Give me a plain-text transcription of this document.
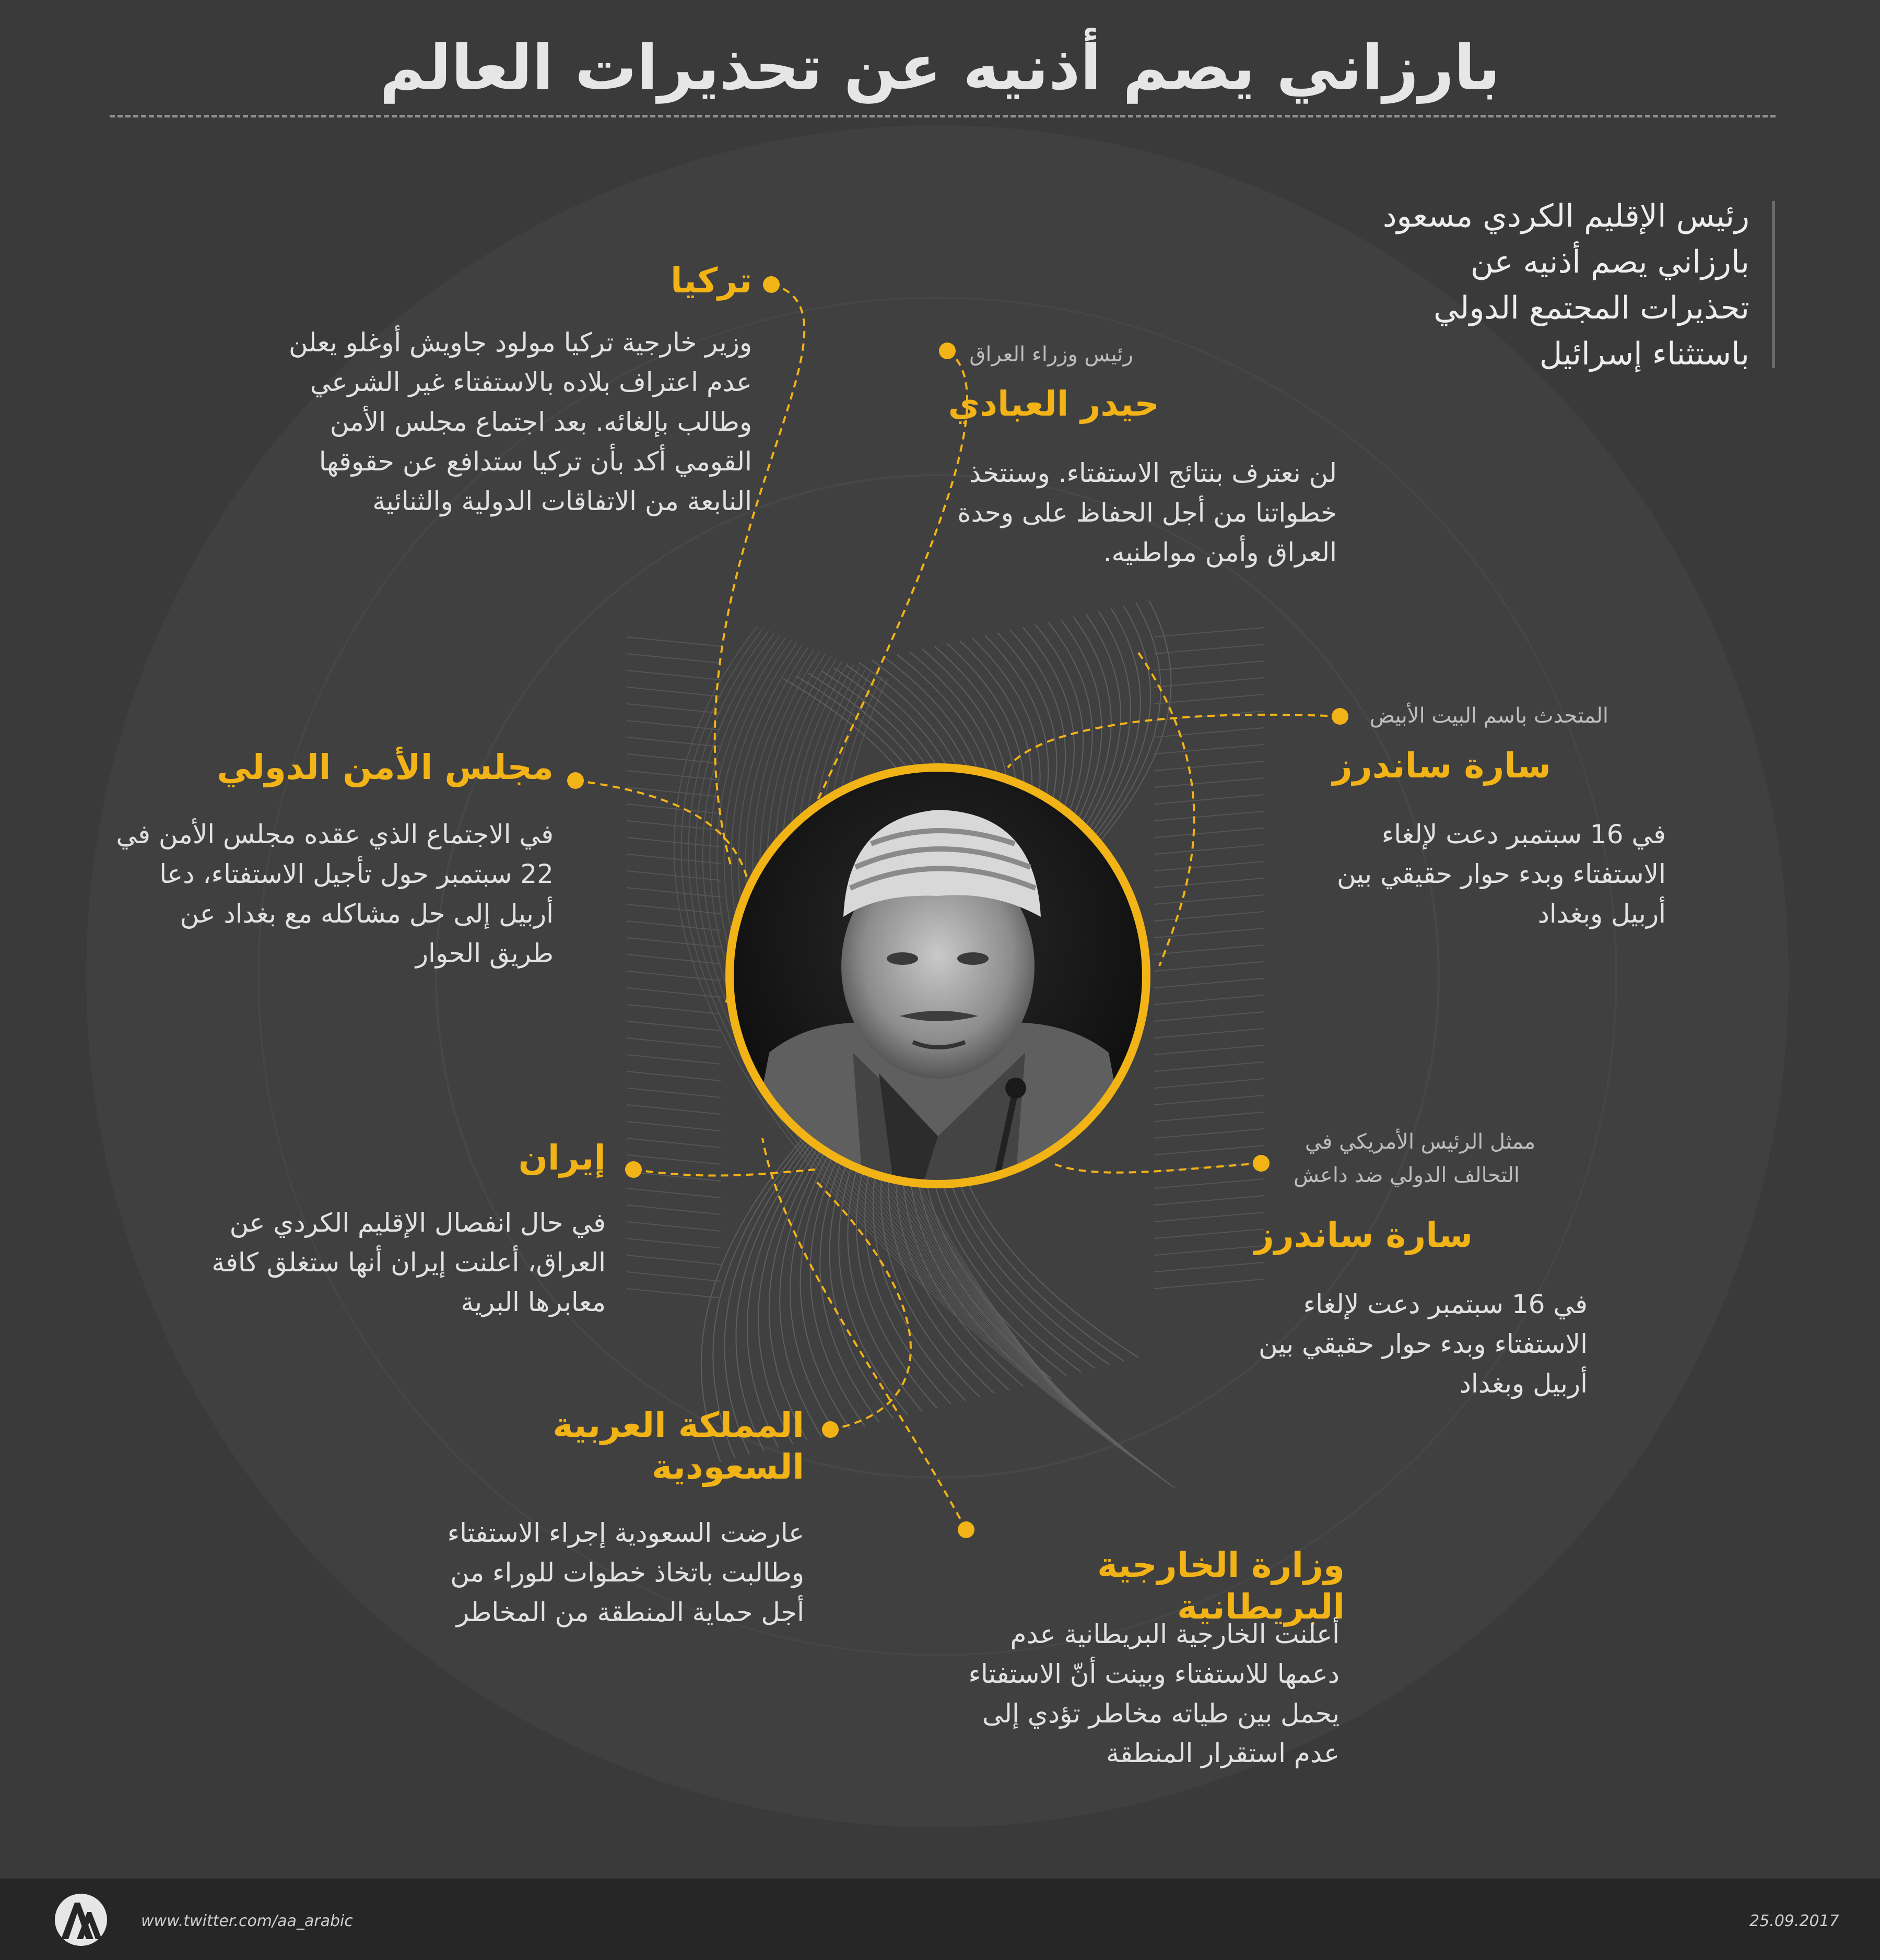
بارزاني يصم أذنيه عن تحذيرات العالم
رئيس الإقليم الكردي مسعود بارزاني يصم أذنيه عن تحذيرات المجتمع الدولي باستثناء إسرائيل
تركيا
وزير خارجية تركيا مولود جاويش أوغلو يعلن عدم اعتراف بلاده بالاستفتاء غير الشرعي وطالب بإلغائه. بعد اجتماع مجلس الأمن القومي أكد بأن تركيا ستدافع عن حقوقها النابعة من الاتفاقات الدولية والثنائية
رئيس وزراء العراق
حيدر العبادي
لن نعترف بنتائج الاستفتاء. وسنتخذ خطواتنا من أجل الحفاظ على وحدة العراق وأمن مواطنيه.
مجلس الأمن الدولي
في الاجتماع الذي عقده مجلس الأمن في 22 سبتمبر حول تأجيل الاستفتاء، دعا أربيل إلى حل مشاكله مع بغداد عن طريق الحوار
المتحدث باسم البيت الأبيض
سارة ساندرز
في 16 سبتمبر دعت لإلغاء الاستفتاء وبدء حوار حقيقي بين أربيل وبغداد
إيران
في حال انفصال الإقليم الكردي عن العراق، أعلنت إيران أنها ستغلق كافة معابرها البرية
ممثل الرئيس الأمريكي في
التحالف الدولي ضد داعش
سارة ساندرز
في 16 سبتمبر دعت لإلغاء الاستفتاء وبدء حوار حقيقي بين أربيل وبغداد
المملكة العربية السعودية
عارضت السعودية إجراء الاستفتاء وطالبت باتخاذ خطوات للوراء من أجل حماية المنطقة من المخاطر
وزارة الخارجية البريطانية
أعلنت الخارجية البريطانية عدم دعمها للاستفتاء وبينت أنّ الاستفتاء يحمل بين طياته مخاطر تؤدي إلى عدم استقرار المنطقة
www.twitter.com/aa_arabic	25.09.2017
